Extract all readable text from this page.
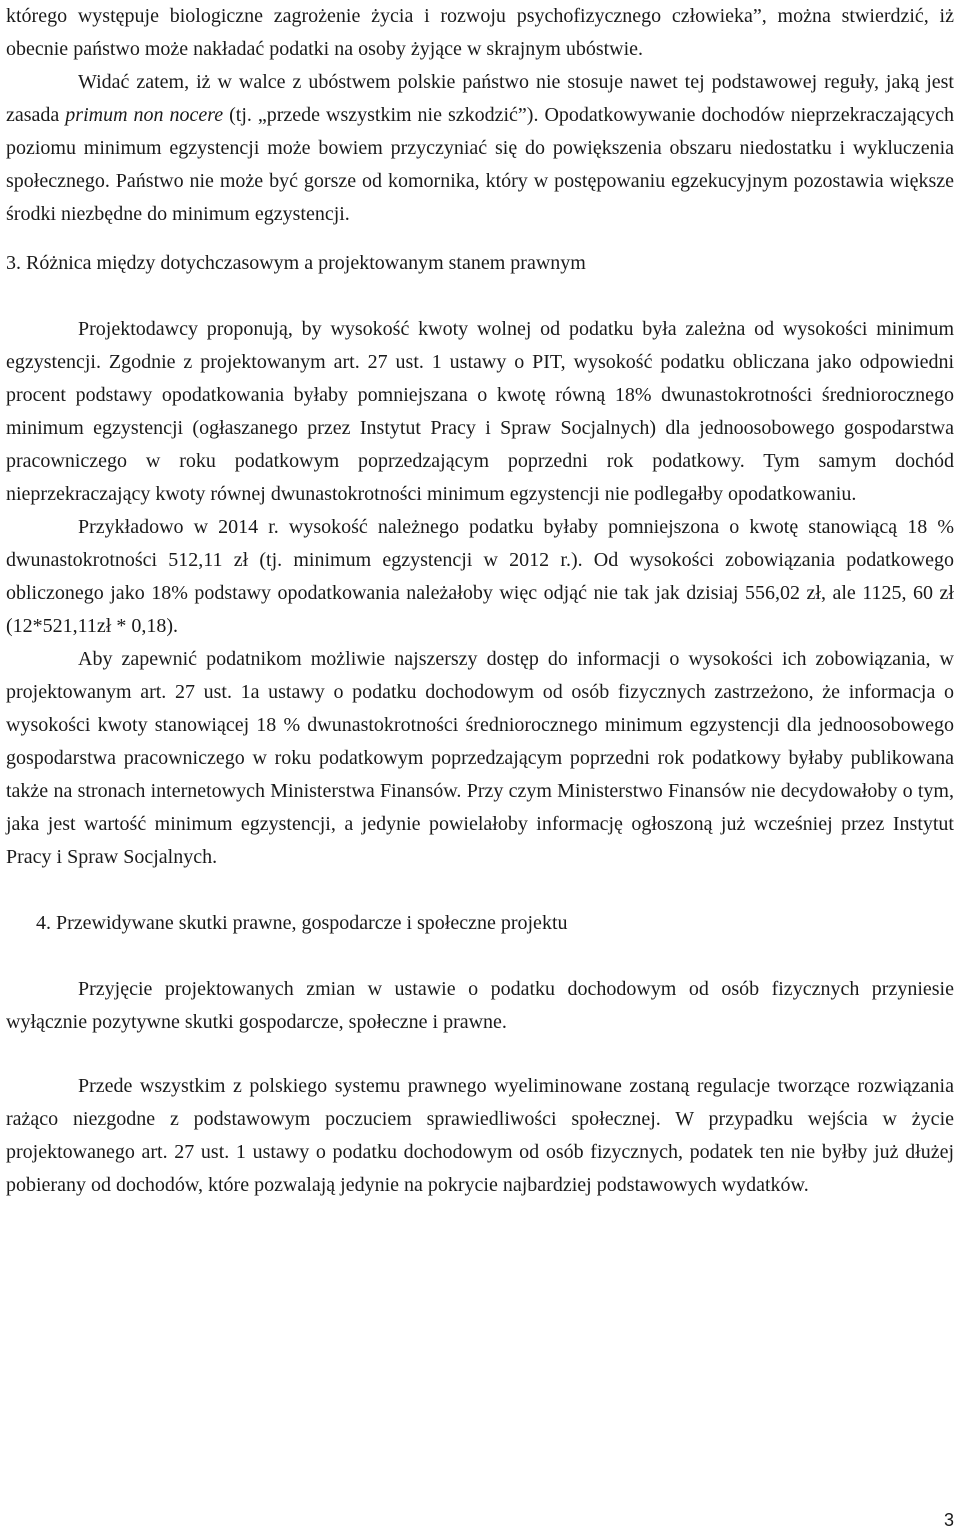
którego występuje biologiczne zagrożenie życia i rozwoju psychofizycznego człowieka”, można stwierdzić, iż obecnie państwo może nakładać podatki na osoby żyjące w skrajnym ubóstwie.

Widać zatem, iż w walce z ubóstwem polskie państwo nie stosuje nawet tej podstawowej reguły, jaką jest zasada primum non nocere (tj. „przede wszystkim nie szkodzić”). Opodatkowywanie dochodów nieprzekraczających poziomu minimum egzystencji może bowiem przyczyniać się do powiększenia obszaru niedostatku i wykluczenia społecznego. Państwo nie może być gorsze od komornika, który w postępowaniu egzekucyjnym pozostawia większe środki niezbędne do minimum egzystencji.

3. Różnica między dotychczasowym a projektowanym stanem prawnym

Projektodawcy proponują, by wysokość kwoty wolnej od podatku była zależna od wysokości minimum egzystencji. Zgodnie z projektowanym art. 27 ust. 1 ustawy o PIT, wysokość podatku obliczana jako odpowiedni procent podstawy opodatkowania byłaby pomniejszana o kwotę równą 18% dwunastokrotności średniorocznego minimum egzystencji (ogłaszanego przez Instytut Pracy i Spraw Socjalnych) dla jednoosobowego gospodarstwa pracowniczego w roku podatkowym poprzedzającym poprzedni rok podatkowy. Tym samym dochód nieprzekraczający kwoty równej dwunastokrotności minimum egzystencji nie podlegałby opodatkowaniu.

Przykładowo w 2014 r. wysokość należnego podatku byłaby pomniejszona o kwotę stanowiącą 18 % dwunastokrotności 512,11 zł (tj. minimum egzystencji w 2012 r.). Od wysokości zobowiązania podatkowego obliczonego jako 18% podstawy opodatkowania należałoby więc odjąć nie tak jak dzisiaj 556,02 zł, ale 1125, 60 zł (12*521,11zł * 0,18).

Aby zapewnić podatnikom możliwie najszerszy dostęp do informacji o wysokości ich zobowiązania, w projektowanym art. 27 ust. 1a ustawy o podatku dochodowym od osób fizycznych zastrzeżono, że informacja o wysokości kwoty stanowiącej 18 % dwunastokrotności średniorocznego minimum egzystencji dla jednoosobowego gospodarstwa pracowniczego w roku podatkowym poprzedzającym poprzedni rok podatkowy byłaby publikowana także na stronach internetowych Ministerstwa Finansów. Przy czym Ministerstwo Finansów nie decydowałoby o tym, jaka jest wartość minimum egzystencji, a jedynie powielałoby informację ogłoszoną już wcześniej przez Instytut Pracy i Spraw Socjalnych.

4. Przewidywane skutki prawne, gospodarcze i społeczne projektu

Przyjęcie projektowanych zmian w ustawie o podatku dochodowym od osób fizycznych przyniesie wyłącznie pozytywne skutki gospodarcze, społeczne i prawne.

Przede wszystkim z polskiego systemu prawnego wyeliminowane zostaną regulacje tworzące rozwiązania rażąco niezgodne z podstawowym poczuciem sprawiedliwości społecznej. W przypadku wejścia w życie projektowanego art. 27 ust. 1 ustawy o podatku dochodowym od osób fizycznych, podatek ten nie byłby już dłużej pobierany od dochodów, które pozwalają jedynie na pokrycie najbardziej podstawowych wydatków.

3
